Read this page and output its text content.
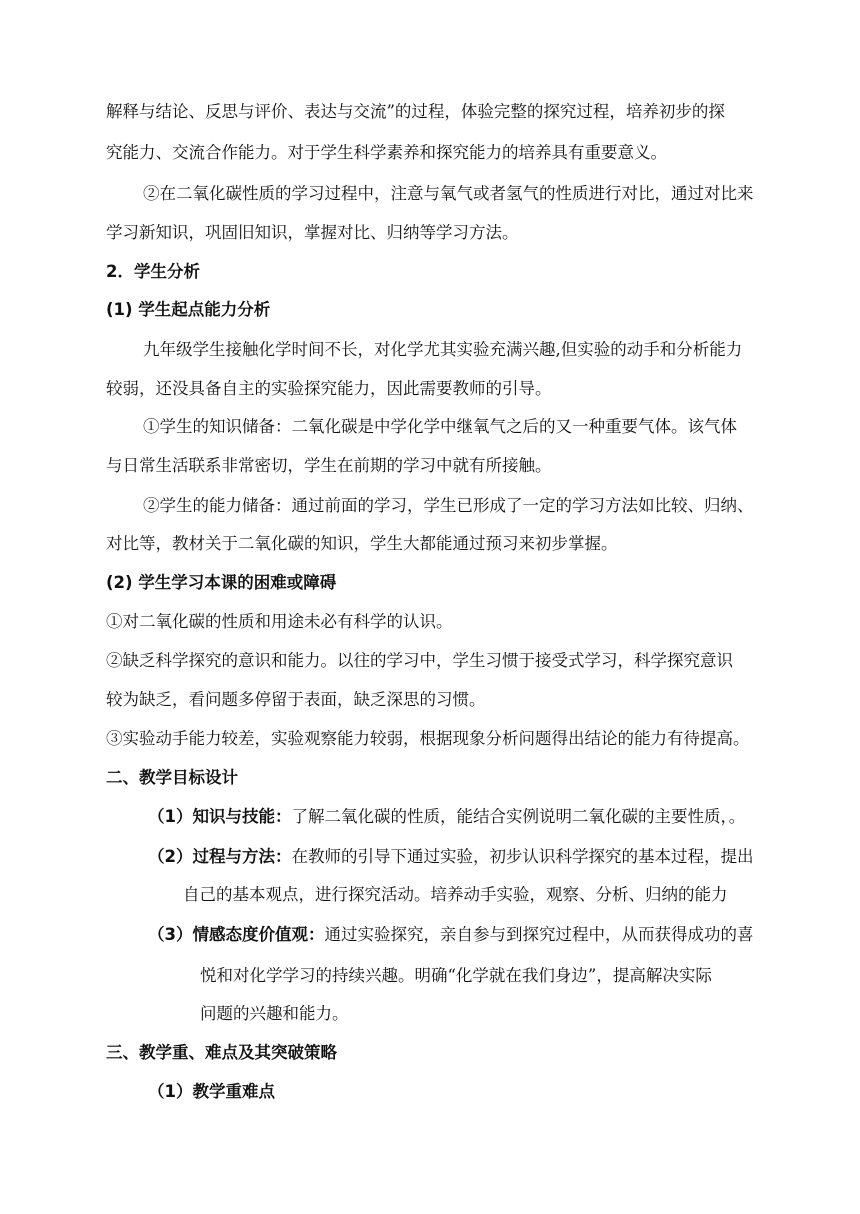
解释与结论、反思与评价、表达与交流”的过程，体验完整的探究过程，培养初步的探
究能力、交流合作能力。对于学生科学素养和探究能力的培养具有重要意义。
②在二氧化碳性质的学习过程中，注意与氧气或者氢气的性质进行对比，通过对比来
学习新知识，巩固旧知识，掌握对比、归纳等学习方法。
2．学生分析
(1) 学生起点能力分析
九年级学生接触化学时间不长，对化学尤其实验充满兴趣,但实验的动手和分析能力
较弱，还没具备自主的实验探究能力，因此需要教师的引导。
①学生的知识储备：二氧化碳是中学化学中继氧气之后的又一种重要气体。该气体
与日常生活联系非常密切，学生在前期的学习中就有所接触。
②学生的能力储备：通过前面的学习，学生已形成了一定的学习方法如比较、归纳、
对比等，教材关于二氧化碳的知识，学生大都能通过预习来初步掌握。
(2) 学生学习本课的困难或障碍
①对二氧化碳的性质和用途未必有科学的认识。
②缺乏科学探究的意识和能力。以往的学习中，学生习惯于接受式学习，科学探究意识
较为缺乏，看问题多停留于表面，缺乏深思的习惯。
③实验动手能力较差，实验观察能力较弱，根据现象分析问题得出结论的能力有待提高。
二、教学目标设计
（1）知识与技能：了解二氧化碳的性质，能结合实例说明二氧化碳的主要性质，。
（2）过程与方法：在教师的引导下通过实验，初步认识科学探究的基本过程，提出
自己的基本观点，进行探究活动。培养动手实验，观察、分析、归纳的能力
（3）情感态度价值观：通过实验探究，亲自参与到探究过程中，从而获得成功的喜
悦和对化学学习的持续兴趣。明确“化学就在我们身边”，提高解决实际
问题的兴趣和能力。
三、教学重、难点及其突破策略
（1）教学重难点
